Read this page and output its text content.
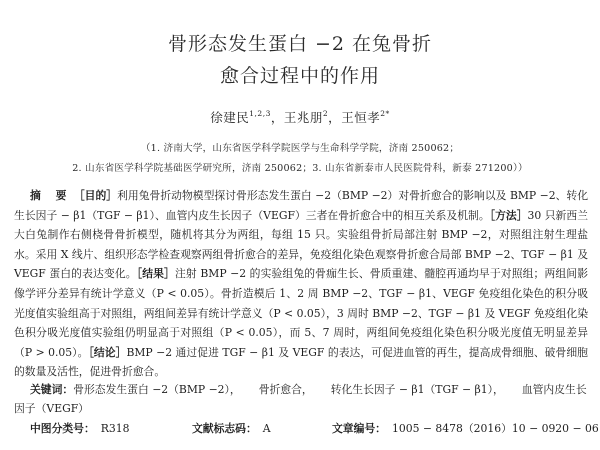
骨形态发生蛋白 −2 在兔骨折
愈合过程中的作用
徐建民$^{1,2,3}$，王兆朋$^2$，王恒孝$^{2*}$
（1. 济南大学，山东省医学科学院医学与生命科学学院，济南 250062；
2. 山东省医学科学院基础医学研究所，济南 250062；3. 山东省新泰市人民医院骨科，新泰 271200））

摘　要　 ［目的］利用兔骨折动物模型探讨骨形态发生蛋白 −2（BMP −2）对骨折愈合的影响以及 BMP −2、转化生长因子 − β1（TGF − β1）、血管内皮生长因子（VEGF）三者在骨折愈合中的相互关系及机制。［方法］30 只新西兰大白兔制作右侧桡骨骨折模型，随机将其分为两组，每组 15 只。实验组骨折局部注射 BMP −2，对照组注射生理盐水。采用 X 线片、组织形态学检查观察两组骨折愈合的差异，免疫组化染色观察骨折愈合局部 BMP −2、TGF − β1 及 VEGF 蛋白的表达变化。［结果］注射 BMP −2 的实验组兔的骨痂生长、骨质重建、髓腔再通均早于对照组；两组间影像学评分差异有统计学意义（P < 0.05）。骨折造模后 1、2 周 BMP −2、TGF − β1、VEGF 免疫组化染色的积分吸光度值实验组高于对照组，两组间差异有统计学意义（P < 0.05），3 周时 BMP −2、TGF − β1 及 VEGF 免疫组化染色积分吸光度值实验组仍明显高于对照组（P < 0.05），而 5、7 周时，两组间免疫组化染色积分吸光度值无明显差异（P > 0.05）。［结论］BMP −2 通过促进 TGF − β1 及 VEGF 的表达，可促进血管的再生，提高成骨细胞、破骨细胞的数量及活性，促进骨折愈合。

关键词：骨形态发生蛋白 −2（BMP −2）， 骨折愈合， 转化生长因子 − β1（TGF − β1）， 血管内皮生长因子（VEGF）
中图分类号： R318	文献标志码： A	文章编号： 1005 − 8478（2016）10 − 0920 − 06
